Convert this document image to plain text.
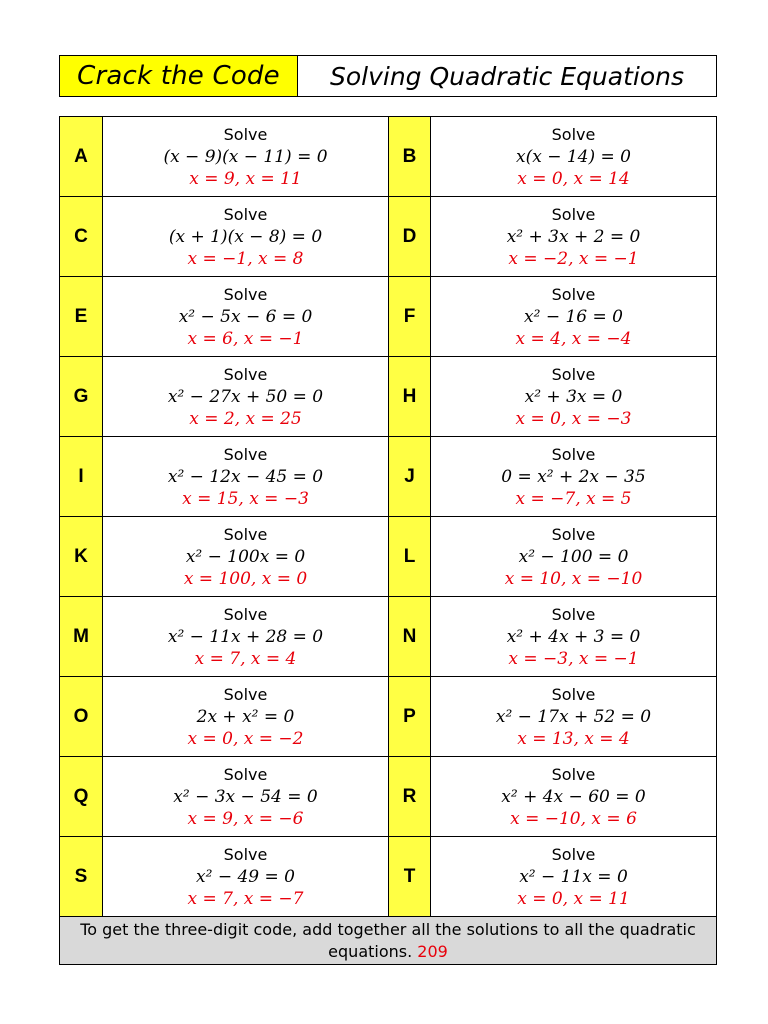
Crack the Code	Solving Quadratic Equations
A
Solve
(x − 9)(x − 11) = 0
x = 9, x = 11
B
Solve
x(x − 14) = 0
x = 0, x = 14
C
Solve
(x + 1)(x − 8) = 0
x = −1, x = 8
D
Solve
x² + 3x + 2 = 0
x = −2, x = −1
E
Solve
x² − 5x − 6 = 0
x = 6, x = −1
F
Solve
x² − 16 = 0
x = 4, x = −4
G
Solve
x² − 27x + 50 = 0
x = 2, x = 25
H
Solve
x² + 3x = 0
x = 0, x = −3
I
Solve
x² − 12x − 45 = 0
x = 15, x = −3
J
Solve
0 = x² + 2x − 35
x = −7, x = 5
K
Solve
x² − 100x = 0
x = 100, x = 0
L
Solve
x² − 100 = 0
x = 10, x = −10
M
Solve
x² − 11x + 28 = 0
x = 7, x = 4
N
Solve
x² + 4x + 3 = 0
x = −3, x = −1
O
Solve
2x + x² = 0
x = 0, x = −2
P
Solve
x² − 17x + 52 = 0
x = 13, x = 4
Q
Solve
x² − 3x − 54 = 0
x = 9, x = −6
R
Solve
x² + 4x − 60 = 0
x = −10, x = 6
S
Solve
x² − 49 = 0
x = 7, x = −7
T
Solve
x² − 11x = 0
x = 0, x = 11
To get the three-digit code, add together all the solutions to all the quadratic equations. 209
